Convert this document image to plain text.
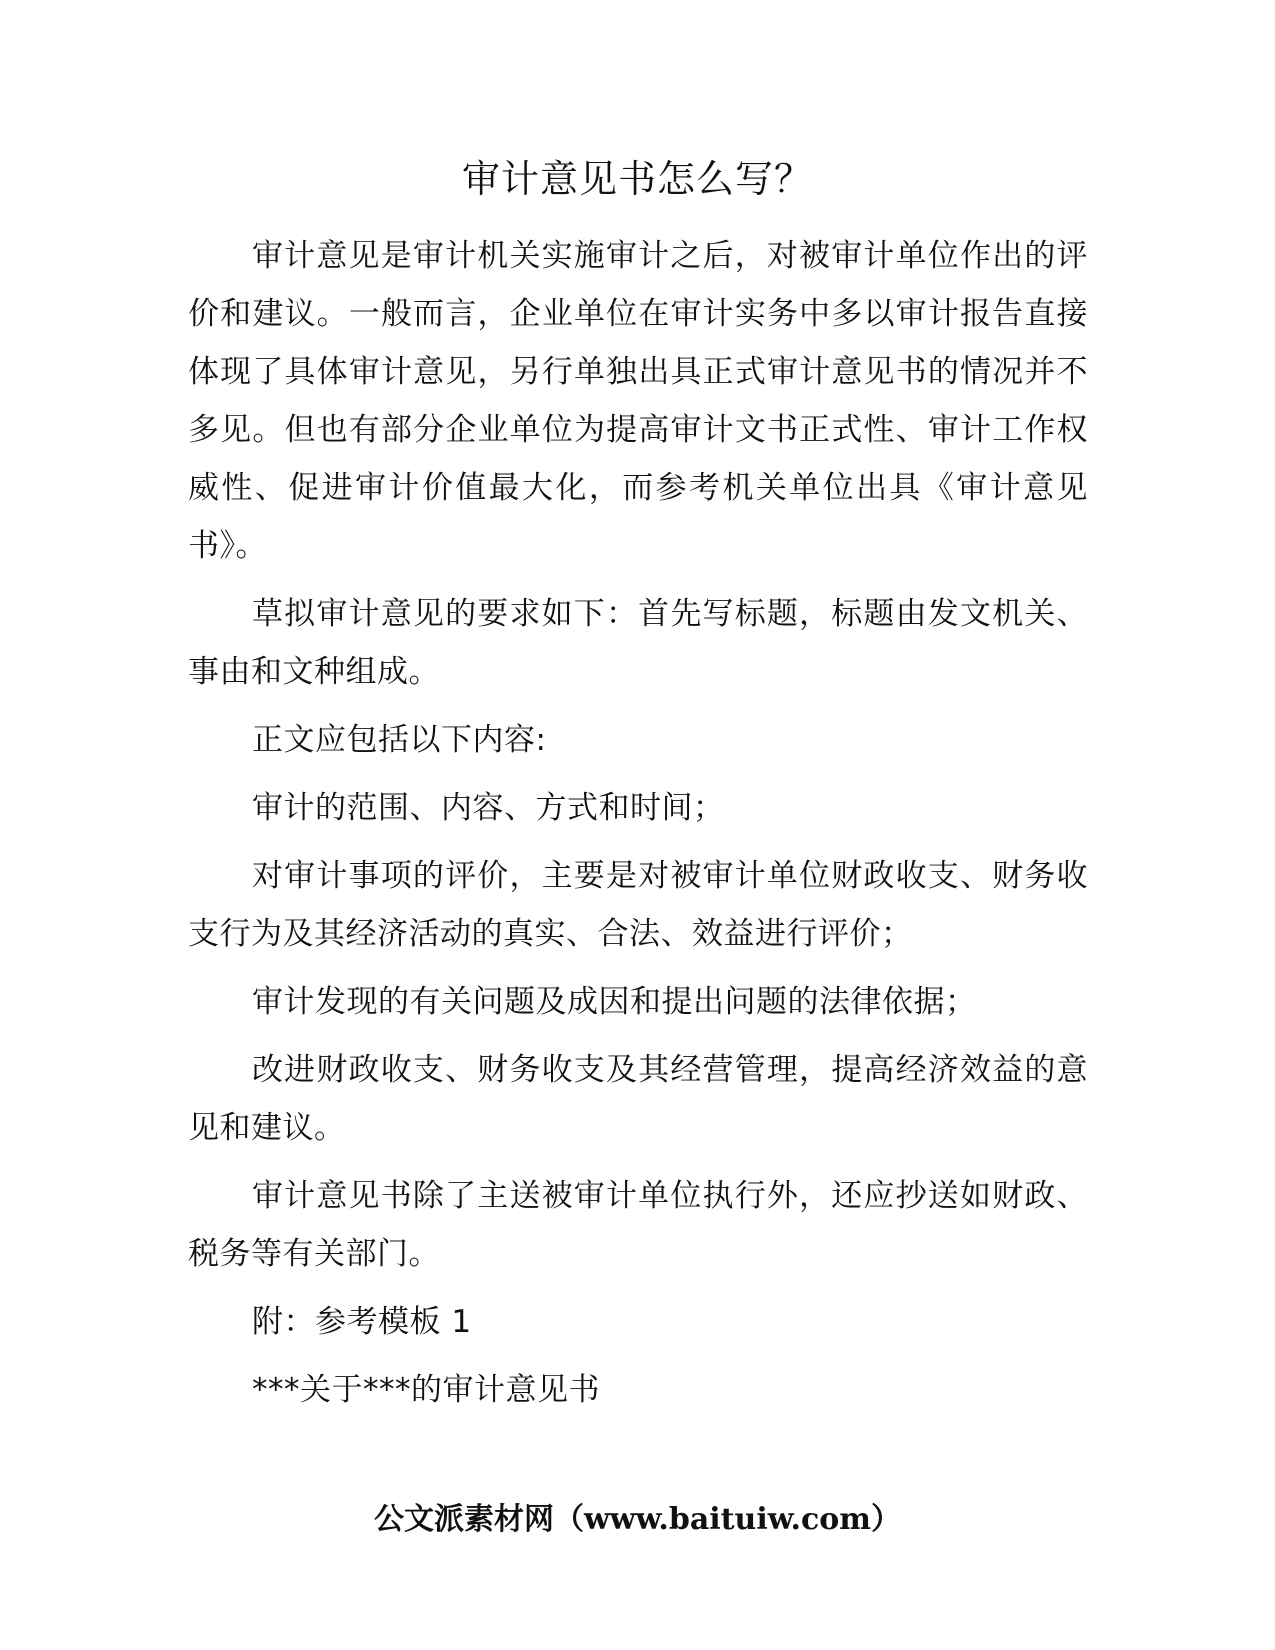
审计意见书怎么写？

审计意见是审计机关实施审计之后，对被审计单位作出的评价和建议。一般而言，企业单位在审计实务中多以审计报告直接体现了具体审计意见，另行单独出具正式审计意见书的情况并不多见。但也有部分企业单位为提高审计文书正式性、审计工作权威性、促进审计价值最大化，而参考机关单位出具《审计意见书》。

草拟审计意见的要求如下：首先写标题，标题由发文机关、事由和文种组成。

正文应包括以下内容:

审计的范围、内容、方式和时间；

对审计事项的评价，主要是对被审计单位财政收支、财务收支行为及其经济活动的真实、合法、效益进行评价；

审计发现的有关问题及成因和提出问题的法律依据；

改进财政收支、财务收支及其经营管理，提高经济效益的意见和建议。

审计意见书除了主送被审计单位执行外，还应抄送如财政、税务等有关部门。

附：参考模板 1

***关于***的审计意见书

公文派素材网（www.baituiw.com）
